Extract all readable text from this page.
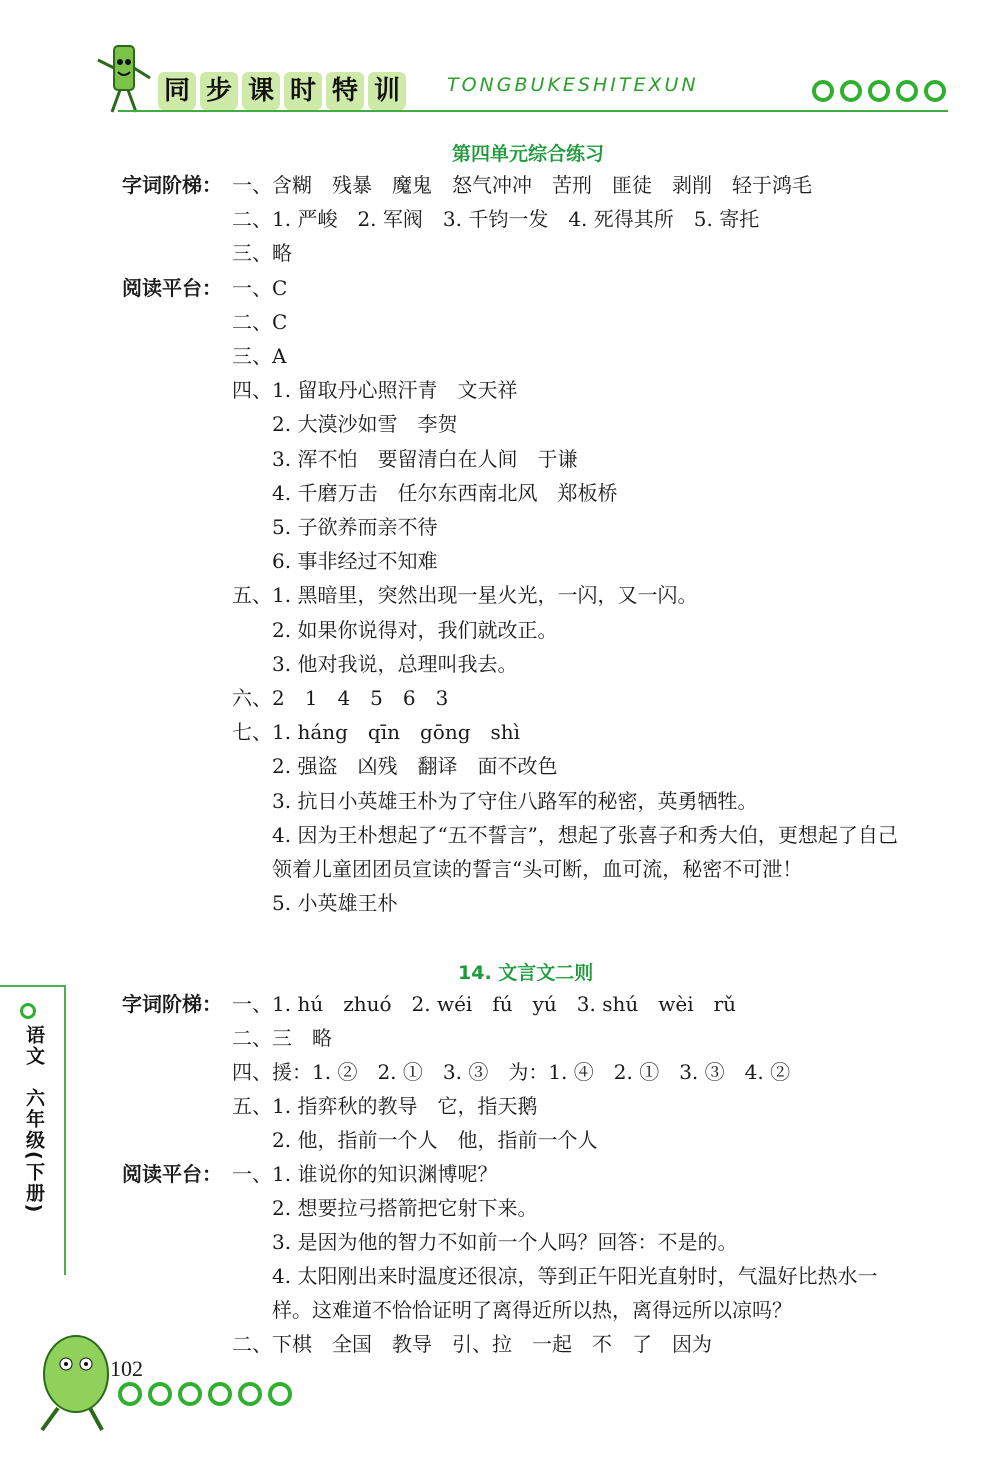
同 步 课 时 特 训	TONGBUKESHITEXUN
语文　六年级(下册)
第四单元综合练习
字词阶梯： 一、含糊　残暴　魔鬼　怒气冲冲　苦刑　匪徒　剥削　轻于鸿毛
二、1. 严峻　2. 军阀　3. 千钧一发　4. 死得其所　5. 寄托
三、略
阅读平台： 一、C
二、C
三、A
四、1. 留取丹心照汗青　文天祥
　　2. 大漠沙如雪　李贺
　　3. 浑不怕　要留清白在人间　于谦
　　4. 千磨万击　任尔东西南北风　郑板桥
　　5. 子欲养而亲不待
　　6. 事非经过不知难
五、1. 黑暗里，突然出现一星火光，一闪，又一闪。
　　2. 如果你说得对，我们就改正。
　　3. 他对我说，总理叫我去。
六、2　1　4　5　6　3
七、1. háng　qīn　gōng　shì
　　2. 强盗　凶残　翻译　面不改色
　　3. 抗日小英雄王朴为了守住八路军的秘密，英勇牺牲。
　　4. 因为王朴想起了“五不誓言”，想起了张喜子和秀大伯，更想起了自己
　　领着儿童团团员宣读的誓言“头可断，血可流，秘密不可泄！
　　5. 小英雄王朴
14. 文言文二则
字词阶梯： 一、1. hú　zhuó　2. wéi　fú　yú　3. shú　wèi　rǔ
二、三　略
四、援：1. ②　2. ①　3. ③　为：1. ④　2. ①　3. ③　4. ②
五、1. 指弈秋的教导　它，指天鹅
　　2. 他，指前一个人　他，指前一个人
阅读平台： 一、1. 谁说你的知识渊博呢？
　　2. 想要拉弓搭箭把它射下来。
　　3. 是因为他的智力不如前一个人吗？回答：不是的。
　　4. 太阳刚出来时温度还很凉，等到正午阳光直射时，气温好比热水一
　　样。这难道不恰恰证明了离得近所以热，离得远所以凉吗？
二、下棋　全国　教导　引、拉　一起　不　了　因为
102
